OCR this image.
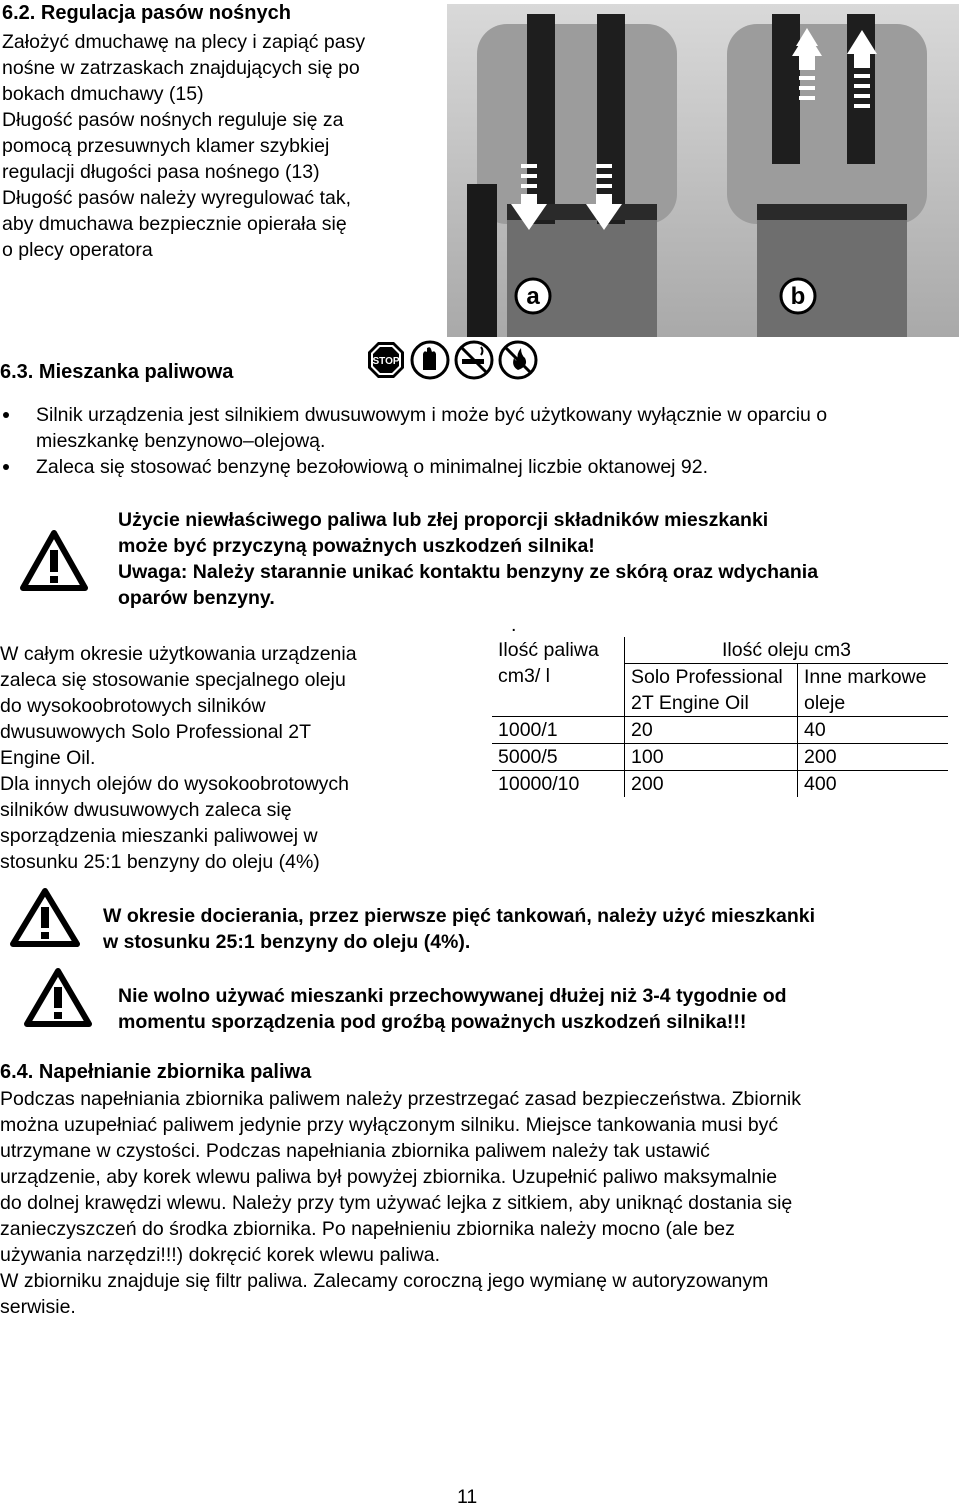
6.2. Regulacja pasów nośnych
Założyć dmuchawę na plecy i zapiąć pasy
nośne w zatrzaskach znajdujących się po
bokach dmuchawy (15)
Długość pasów nośnych reguluje się za
pomocą przesuwnych klamer szybkiej
regulacji długości pasa nośnego (13)
Długość pasów należy wyregulować tak,
aby dmuchawa bezpiecznie opierała się
o plecy operatora
a	b
6.3. Mieszanka paliwowa	STOP
Silnik urządzenia jest silnikiem dwusuwowym i może być użytkowany wyłącznie w oparciu o mieszkankę benzynowo–olejową.
Zaleca się stosować benzynę bezołowiową o minimalnej liczbie oktanowej 92.
Użycie niewłaściwego paliwa lub złej proporcji składników mieszkanki
może być przyczyną poważnych uszkodzeń silnika!
Uwaga: Należy starannie unikać kontaktu benzyny ze skórą oraz wdychania
oparów benzyny.
W całym okresie użytkowania urządzenia
zaleca się stosowanie specjalnego oleju
do wysokoobrotowych silników
dwusuwowych Solo Professional 2T
Engine Oil.
Dla innych olejów do wysokoobrotowych
silników dwusuwowych zaleca się
sporządzenia mieszanki paliwowej w
stosunku 25:1 benzyny do oleju (4%)
.
Ilość paliwa cm3/ l	Ilość oleju cm3	
	Solo Professional 2T Engine Oil	Inne markowe oleje
1000/1	20	40
5000/5	100	200
10000/10	200	400
W okresie docierania, przez pierwsze pięć tankowań, należy użyć mieszkanki
w stosunku 25:1 benzyny do oleju (4%).
Nie wolno używać mieszanki przechowywanej dłużej niż 3-4 tygodnie od
momentu sporządzenia pod groźbą poważnych uszkodzeń silnika!!!
6.4. Napełnianie zbiornika paliwa
Podczas napełniania zbiornika paliwem należy przestrzegać zasad bezpieczeństwa. Zbiornik
można uzupełniać paliwem jedynie przy wyłączonym silniku. Miejsce tankowania musi być
utrzymane w czystości. Podczas napełniania zbiornika paliwem należy tak ustawić
urządzenie, aby korek wlewu paliwa był powyżej zbiornika. Uzupełnić paliwo maksymalnie
do dolnej krawędzi wlewu. Należy przy tym używać lejka z sitkiem, aby uniknąć dostania się
zanieczyszczeń do środka zbiornika. Po napełnieniu zbiornika należy mocno (ale bez
używania narzędzi!!!) dokręcić korek wlewu paliwa.
W zbiorniku znajduje się filtr paliwa. Zalecamy coroczną jego wymianę w autoryzowanym
serwisie.
11
